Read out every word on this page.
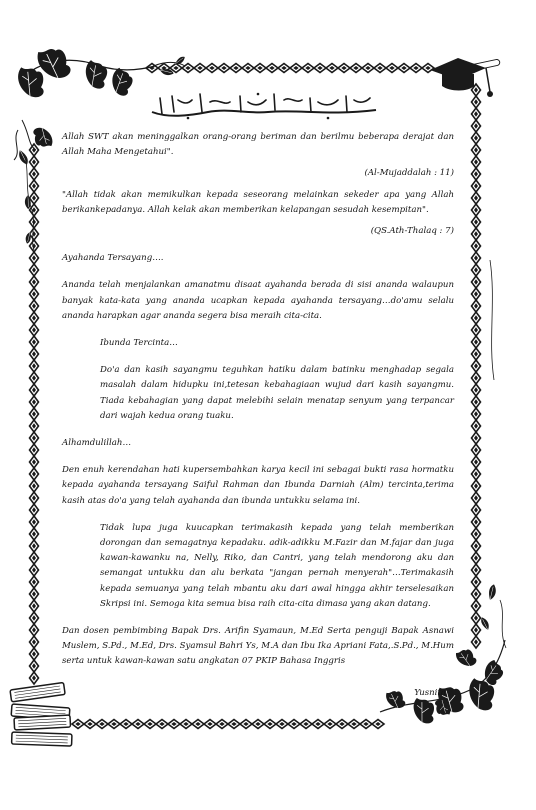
Allah SWT akan meninggalkan orang-orang beriman dan berilmu beberapa derajat dan Allah Maha Mengetahui".

(Al-Mujaddalah : 11)

"Allah tidak akan memikulkan kepada seseorang melainkan sekeder apa yang Allah berikankepadanya. Allah kelak akan memberikan kelapangan sesudah kesempitan".

(QS.Ath-Thalaq : 7)

Ayahanda Tersayang….

Ananda telah menjalankan amanatmu disaat ayahanda berada di sisi ananda walaupun banyak kata-kata yang ananda ucapkan kepada ayahanda tersayang…do'amu selalu ananda harapkan agar ananda segera bisa meraih cita-cita.

Ibunda Tercinta…

Do'a dan kasih sayangmu teguhkan hatiku dalam batinku menghadap segala masalah dalam hidupku ini,tetesan kebahagiaan wujud dari kasih sayangmu. Tiada kebahagian yang dapat melebihi selain menatap senyum yang terpancar dari wajah kedua orang tuaku.

Alhamdulillah…

Den enuh kerendahan hati kupersembahkan karya kecil ini sebagai bukti rasa hormatku kepada ayahanda tersayang Saiful Rahman dan Ibunda Darniah (Alm) tercinta,terima kasih atas do'a yang telah ayahanda dan ibunda untukku selama ini.

Tidak lupa juga kuucapkan terimakasih kepada yang telah memberikan dorongan dan semagatnya kepadaku. adik-adikku M.Fazir dan M.fajar dan juga kawan-kawanku na, Nelly, Riko, dan Cantri, yang telah mendorong aku dan semangat untukku dan alu berkata "jangan pernah menyerah"…Terimakasih kepada semuanya yang telah mbantu aku dari awal hingga akhir terselesaikan Skripsi ini. Semoga kita semua bisa raih cita-cita dimasa yang akan datang.

Dan dosen pembimbing Bapak Drs. Arifin Syamaun, M.Ed Serta penguji Bapak Asnawi Muslem, S.Pd., M.Ed, Drs. Syamsul Bahri Ys, M.A dan Ibu Ika Apriani Fata,.S.Pd., M.Hum serta untuk kawan-kawan satu angkatan 07 PKIP Bahasa Inggris

Yusnita
